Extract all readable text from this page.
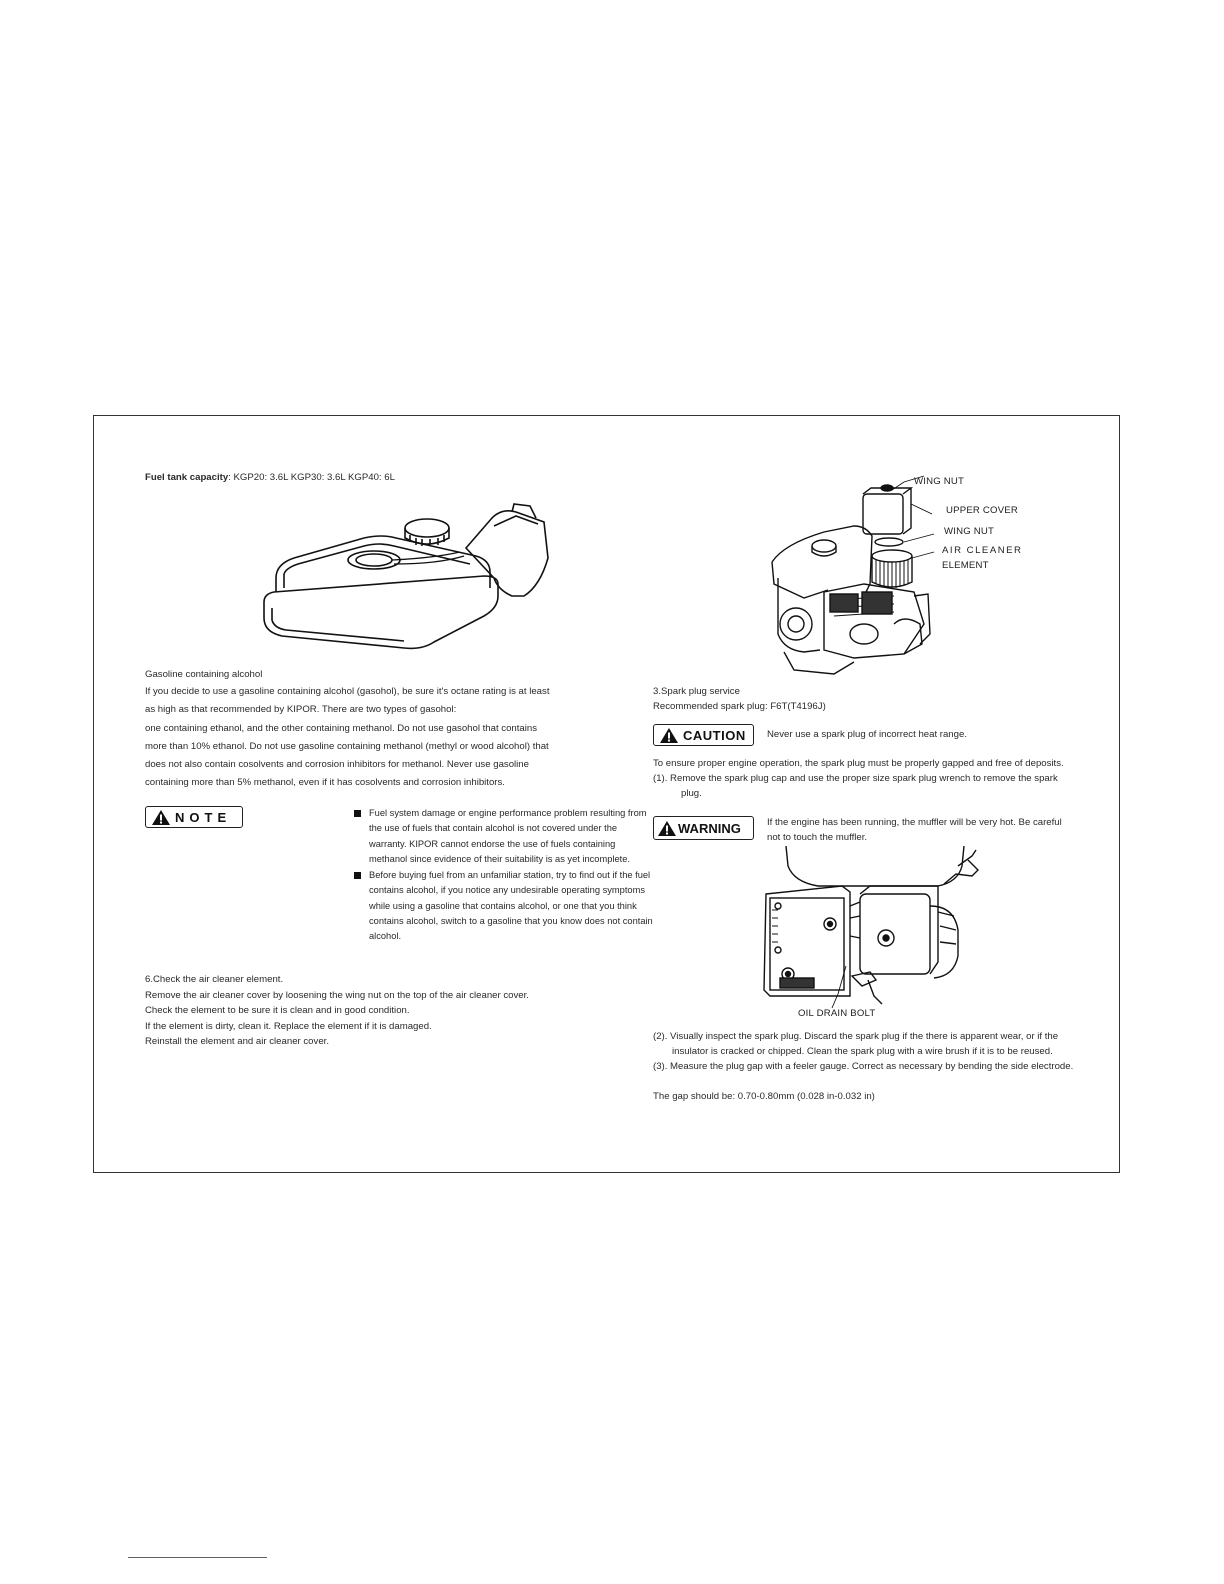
Fuel tank capacity: KGP20: 3.6L KGP30: 3.6L KGP40: 6L
Gasoline containing alcohol
If you decide to use a gasoline containing alcohol (gasohol), be sure it's octane rating is at least
as high as that recommended by KIPOR. There are two types of gasohol:
one containing ethanol, and the other containing methanol. Do not use gasohol that contains
more than 10% ethanol. Do not use gasoline containing methanol (methyl or wood alcohol) that
does not also contain cosolvents and corrosion inhibitors for methanol. Never use gasoline
containing more than 5% methanol, even if it has cosolvents and corrosion inhibitors.
NOTE	Fuel system damage or engine performance problem resulting from the use of fuels that contain alcohol is not covered under the warranty. KIPOR cannot endorse the use of fuels containing methanol since evidence of their suitability is as yet incomplete.
Before buying fuel from an unfamiliar station, try to find out if the fuel contains alcohol, if you notice any undesirable operating symptoms while using a gasoline that contains alcohol, or one that you think contains alcohol, switch to a gasoline that you know does not contain alcohol.
6.Check the air cleaner element.
Remove the air cleaner cover by loosening the wing nut on the top of the air cleaner cover.
Check the element to be sure it is clean and in good condition.
If the element is dirty, clean it. Replace the element if it is damaged.
Reinstall the element and air cleaner cover.
WING NUT
UPPER COVER
WING NUT
AIR CLEANER
ELEMENT
3.Spark plug service
Recommended spark plug: F6T(T4196J)
CAUTION Never use a spark plug of incorrect heat range.
To ensure proper engine operation, the spark plug must be properly gapped and free of deposits.
(1). Remove the spark plug cap and use the proper size spark plug wrench to remove the spark
plug.
WARNING	If the engine has been running, the muffler will be very hot. Be careful
not to touch the muffler.
OIL DRAIN BOLT
(2). Visually inspect the spark plug. Discard the spark plug if the there is apparent wear, or if the
insulator is cracked or chipped. Clean the spark plug with a wire brush if it is to be reused.
(3). Measure the plug gap with a feeler gauge. Correct as necessary by bending the side electrode.
The gap should be: 0.70-0.80mm (0.028 in-0.032 in)
